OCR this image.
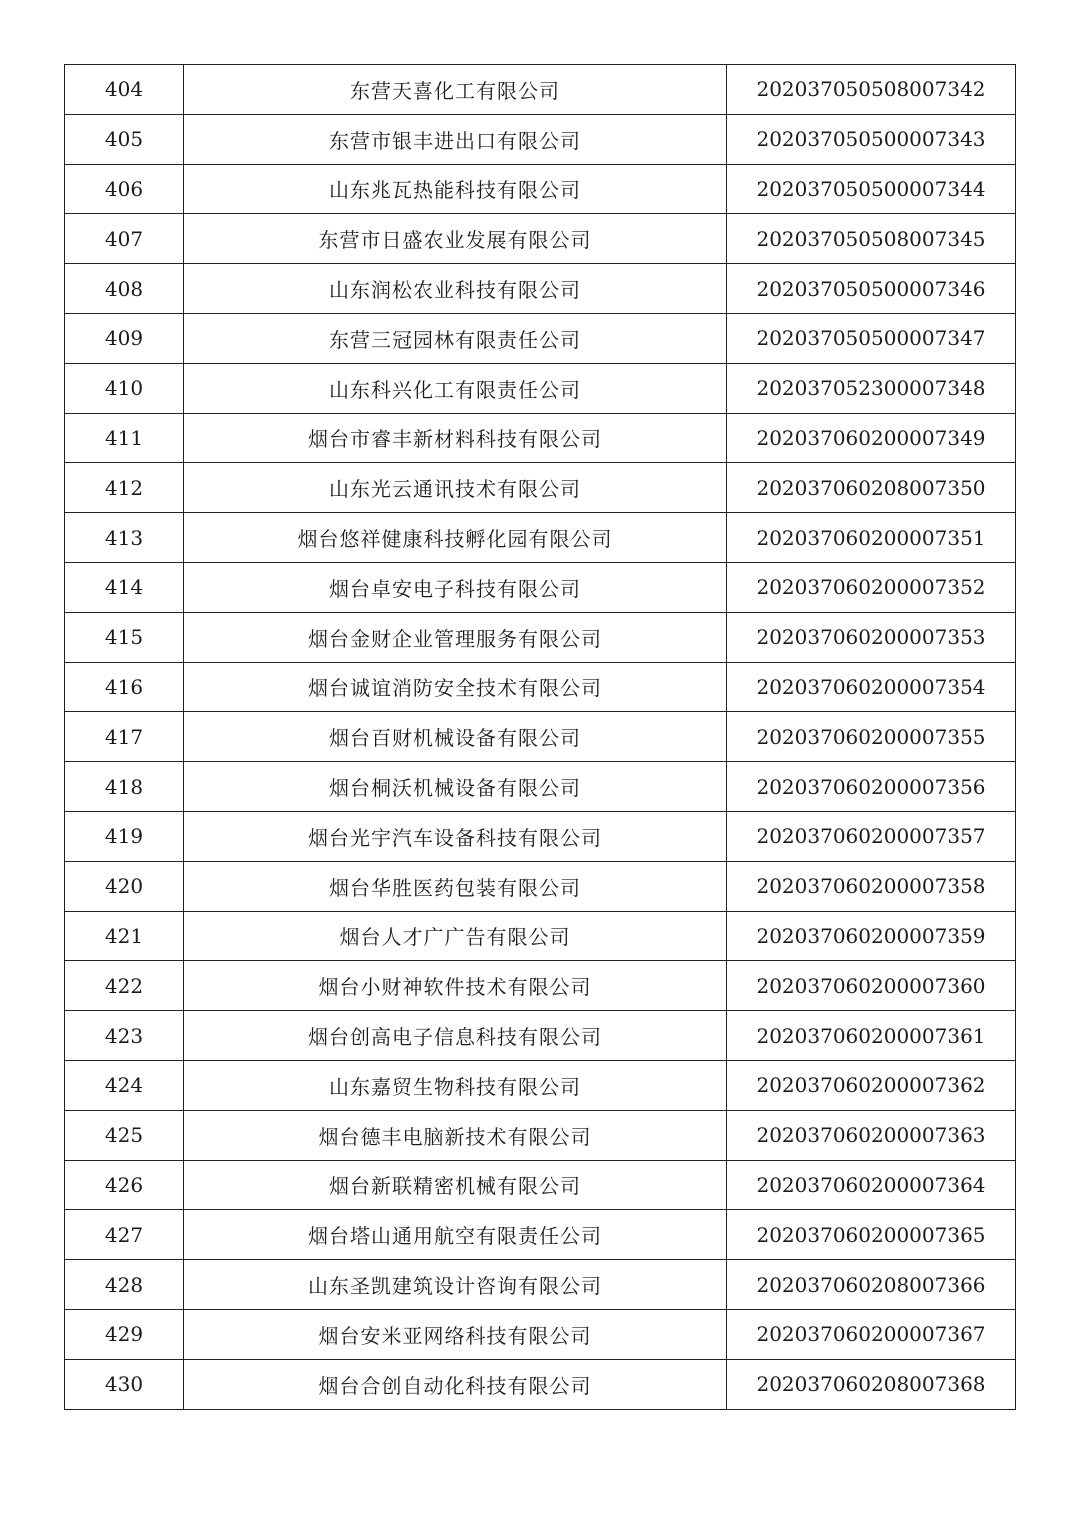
404	东营天喜化工有限公司	202037050508007342
405	东营市银丰进出口有限公司	202037050500007343
406	山东兆瓦热能科技有限公司	202037050500007344
407	东营市日盛农业发展有限公司	202037050508007345
408	山东润松农业科技有限公司	202037050500007346
409	东营三冠园林有限责任公司	202037050500007347
410	山东科兴化工有限责任公司	202037052300007348
411	烟台市睿丰新材料科技有限公司	202037060200007349
412	山东光云通讯技术有限公司	202037060208007350
413	烟台悠祥健康科技孵化园有限公司	202037060200007351
414	烟台卓安电子科技有限公司	202037060200007352
415	烟台金财企业管理服务有限公司	202037060200007353
416	烟台诚谊消防安全技术有限公司	202037060200007354
417	烟台百财机械设备有限公司	202037060200007355
418	烟台桐沃机械设备有限公司	202037060200007356
419	烟台光宇汽车设备科技有限公司	202037060200007357
420	烟台华胜医药包装有限公司	202037060200007358
421	烟台人才广广告有限公司	202037060200007359
422	烟台小财神软件技术有限公司	202037060200007360
423	烟台创高电子信息科技有限公司	202037060200007361
424	山东嘉贸生物科技有限公司	202037060200007362
425	烟台德丰电脑新技术有限公司	202037060200007363
426	烟台新联精密机械有限公司	202037060200007364
427	烟台塔山通用航空有限责任公司	202037060200007365
428	山东圣凯建筑设计咨询有限公司	202037060208007366
429	烟台安米亚网络科技有限公司	202037060200007367
430	烟台合创自动化科技有限公司	202037060208007368
